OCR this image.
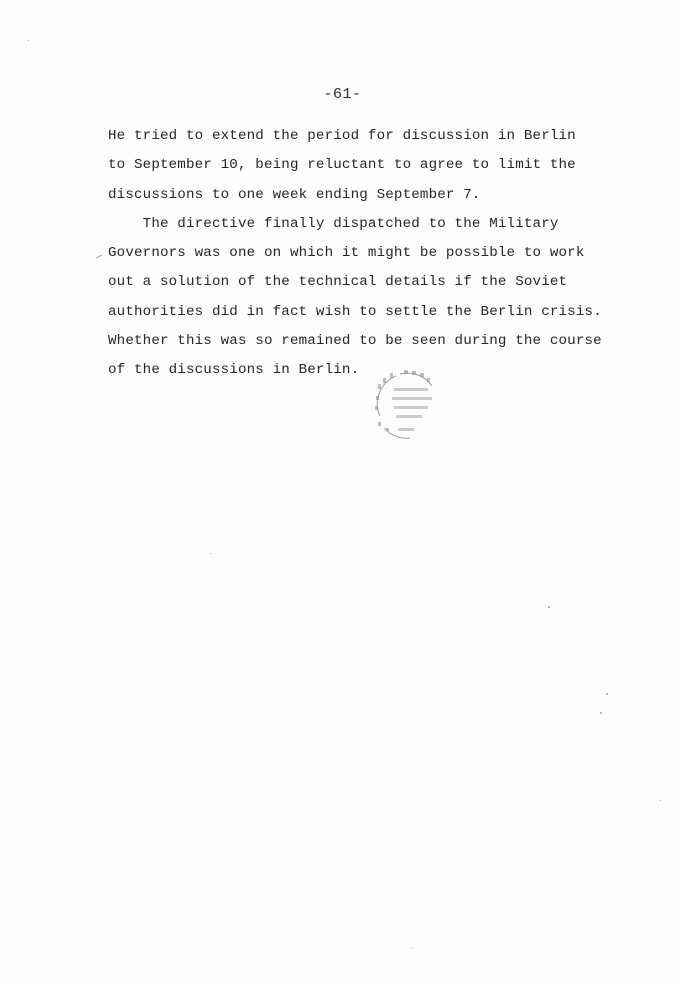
-61-
He tried to extend the period for discussion in Berlin
to September 10, being reluctant to agree to limit the
discussions to one week ending September 7.
The directive finally dispatched to the Military
Governors was one on which it might be possible to work
out a solution of the technical details if the Soviet
authorities did in fact wish to settle the Berlin crisis.
Whether this was so remained to be seen during the course
of the discussions in Berlin.
